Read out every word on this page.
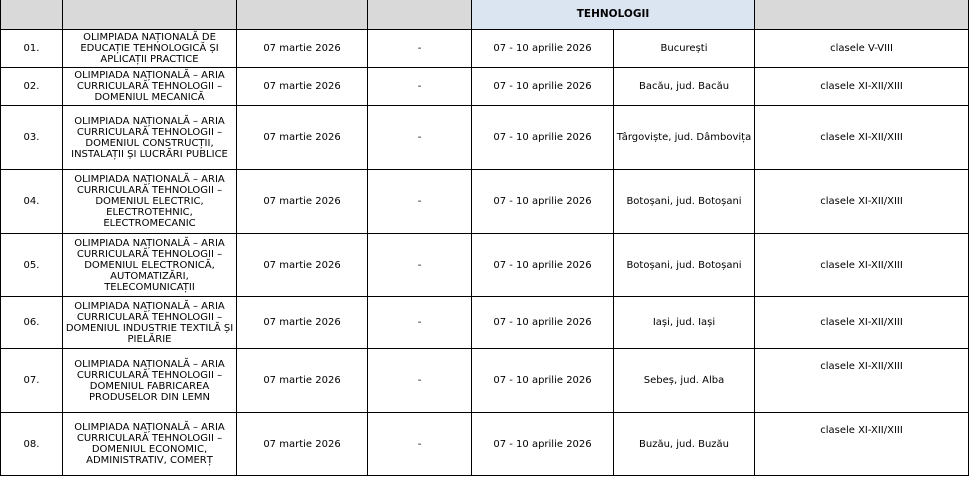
				TEHNOLOGII		
01.	OLIMPIADA NAȚIONALĂ DE EDUCAȚIE TEHNOLOGICĂ ȘI APLICAȚII PRACTICE	07 martie 2026	-	07 - 10 aprilie 2026	București	clasele V-VIII
02.	OLIMPIADA NAȚIONALĂ – ARIA CURRICULARĂ TEHNOLOGII – DOMENIUL MECANICĂ	07 martie 2026	-	07 - 10 aprilie 2026	Bacău, jud. Bacău	clasele XI-XII/XIII
03.	OLIMPIADA NAȚIONALĂ – ARIA CURRICULARĂ TEHNOLOGII – DOMENIUL CONSTRUCȚII, INSTALAȚII ȘI LUCRĂRI PUBLICE	07 martie 2026	-	07 - 10 aprilie 2026	Târgoviște, jud. Dâmbovița	clasele XI-XII/XIII
04.	OLIMPIADA NAȚIONALĂ – ARIA CURRICULARĂ TEHNOLOGII – DOMENIUL ELECTRIC, ELECTROTEHNIC, ELECTROMECANIC	07 martie 2026	-	07 - 10 aprilie 2026	Botoșani, jud. Botoșani	clasele XI-XII/XIII
05.	OLIMPIADA NAȚIONALĂ – ARIA CURRICULARĂ TEHNOLOGII – DOMENIUL ELECTRONICĂ, AUTOMATIZĂRI, TELECOMUNICAȚII	07 martie 2026	-	07 - 10 aprilie 2026	Botoșani, jud. Botoșani	clasele XI-XII/XIII
06.	OLIMPIADA NAȚIONALĂ – ARIA CURRICULARĂ TEHNOLOGII – DOMENIUL INDUSTRIE TEXTILĂ ȘI PIELĂRIE	07 martie 2026	-	07 - 10 aprilie 2026	Iași, jud. Iași	clasele XI-XII/XIII
07.	OLIMPIADA NAȚIONALĂ – ARIA CURRICULARĂ TEHNOLOGII – DOMENIUL FABRICAREA PRODUSELOR DIN LEMN	07 martie 2026	-	07 - 10 aprilie 2026	Sebeș, jud. Alba	clasele XI-XII/XIII
08.	OLIMPIADA NAȚIONALĂ – ARIA CURRICULARĂ TEHNOLOGII – DOMENIUL ECONOMIC, ADMINISTRATIV, COMERȚ	07 martie 2026	-	07 - 10 aprilie 2026	Buzău, jud. Buzău	clasele XI-XII/XIII
